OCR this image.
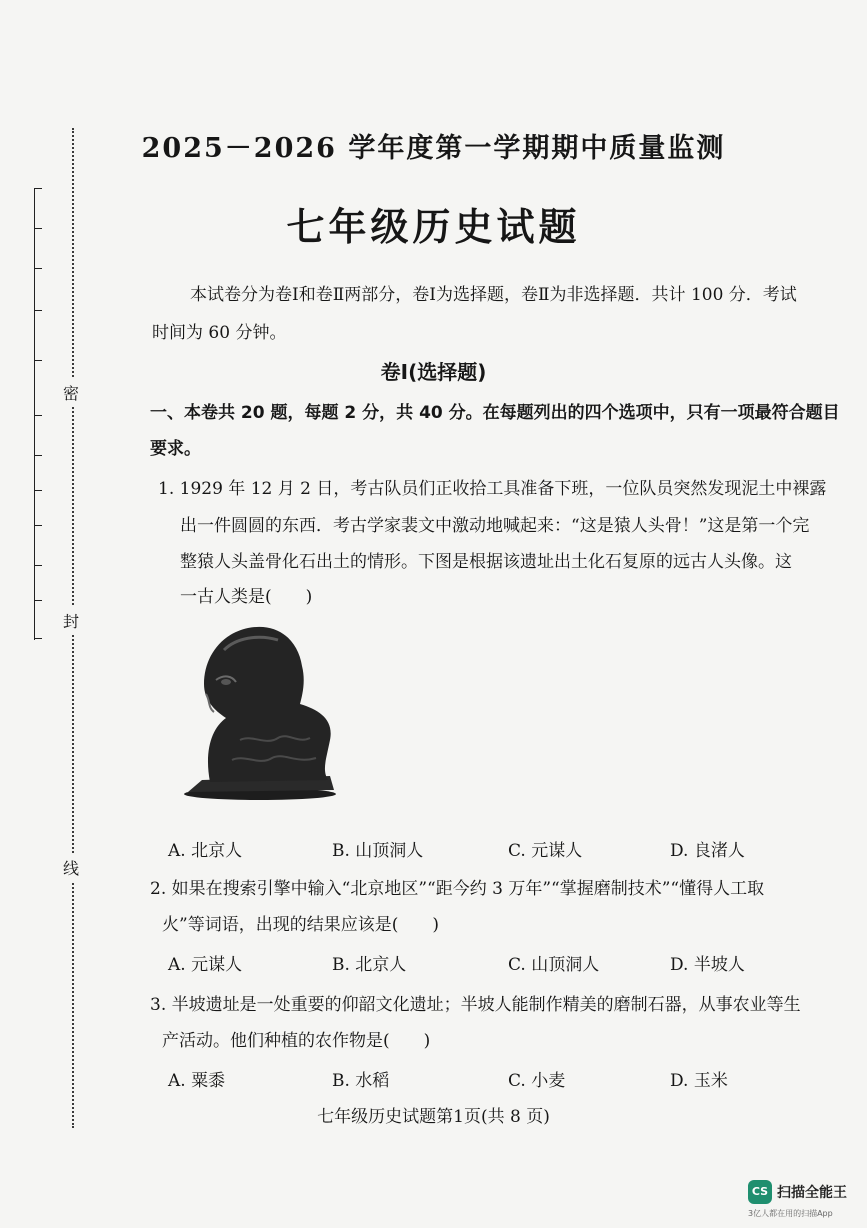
密
封
线
2025－2026 学年度第一学期期中质量监测
七年级历史试题
本试卷分为卷Ⅰ和卷Ⅱ两部分，卷Ⅰ为选择题，卷Ⅱ为非选择题．共计 100 分．考试
时间为 60 分钟。
卷Ⅰ(选择题)
一、本卷共 20 题，每题 2 分，共 40 分。在每题列出的四个选项中，只有一项最符合题目
要求。
1. 1929 年 12 月 2 日，考古队员们正收拾工具准备下班，一位队员突然发现泥土中裸露
出一件圆圆的东西．考古学家裴文中激动地喊起来：“这是猿人头骨！”这是第一个完
整猿人头盖骨化石出土的情形。下图是根据该遗址出土化石复原的远古人头像。这
一古人类是(　　)
A. 北京人	B. 山顶洞人	C. 元谋人	D. 良渚人
2. 如果在搜索引擎中输入“北京地区”“距今约 3 万年”“掌握磨制技术”“懂得人工取
火”等词语，出现的结果应该是(　　)
A. 元谋人	B. 北京人	C. 山顶洞人	D. 半坡人
3. 半坡遗址是一处重要的仰韶文化遗址；半坡人能制作精美的磨制石器，从事农业等生
产活动。他们种植的农作物是(　　)
A. 粟黍	B. 水稻	C. 小麦	D. 玉米
七年级历史试题第1页(共 8 页)
CS 扫描全能王
3亿人都在用的扫描App
